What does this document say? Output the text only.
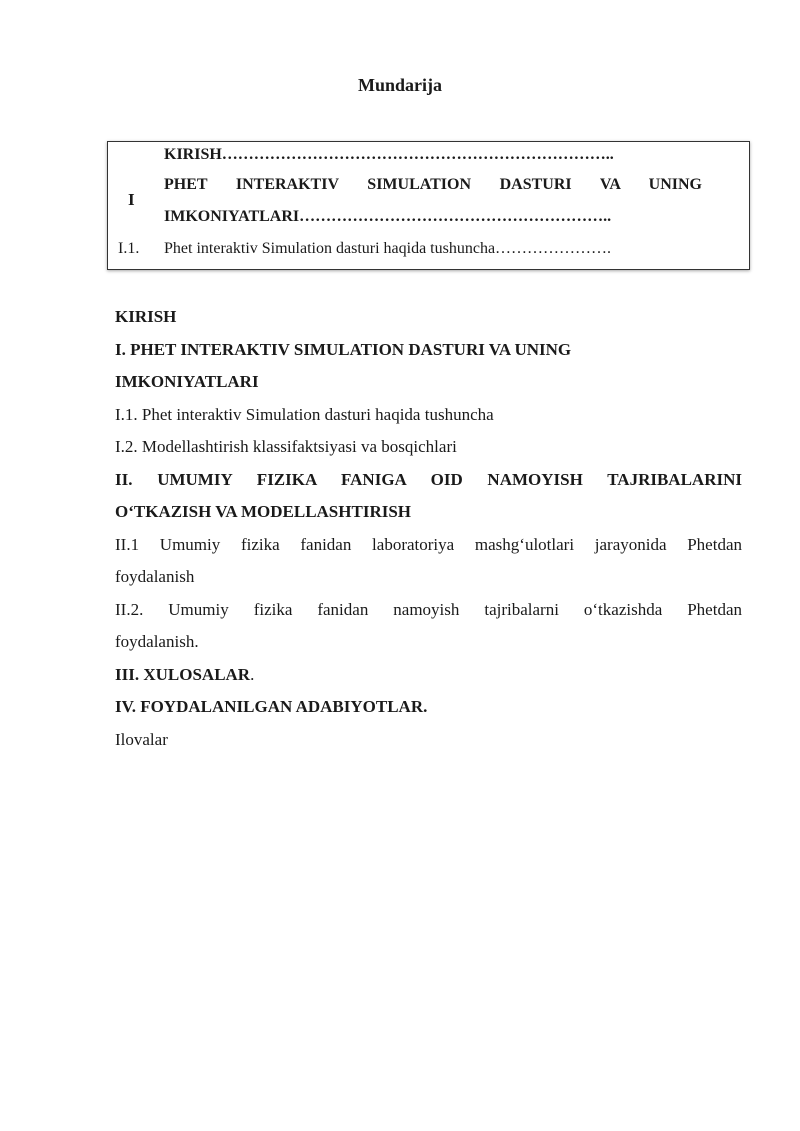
Mundarija
I
I.1.
KIRISH………………………………………………………………..
PHET INTERAKTIV SIMULATION DASTURI VA UNING
IMKONIYATLARI…………………………………………………..
Phet interaktiv Simulation dasturi haqida tushuncha………………….
KIRISH
I. PHET INTERAKTIV SIMULATION DASTURI VA UNING
IMKONIYATLARI
I.1. Phet interaktiv Simulation dasturi haqida tushuncha
I.2. Modellashtirish klassifaktsiyasi va bosqichlari
II. UMUMIY FIZIKA FANIGA OID NAMOYISH TAJRIBALARINI
O‘TKAZISH VA MODELLASHTIRISH
II.1 Umumiy fizika fanidan laboratoriya mashg‘ulotlari jarayonida Phetdan
foydalanish
II.2. Umumiy fizika fanidan namoyish tajribalarni o‘tkazishda Phetdan
foydalanish.
III. XULOSALAR.
IV. FOYDALANILGAN ADABIYOTLAR.
Ilovalar
